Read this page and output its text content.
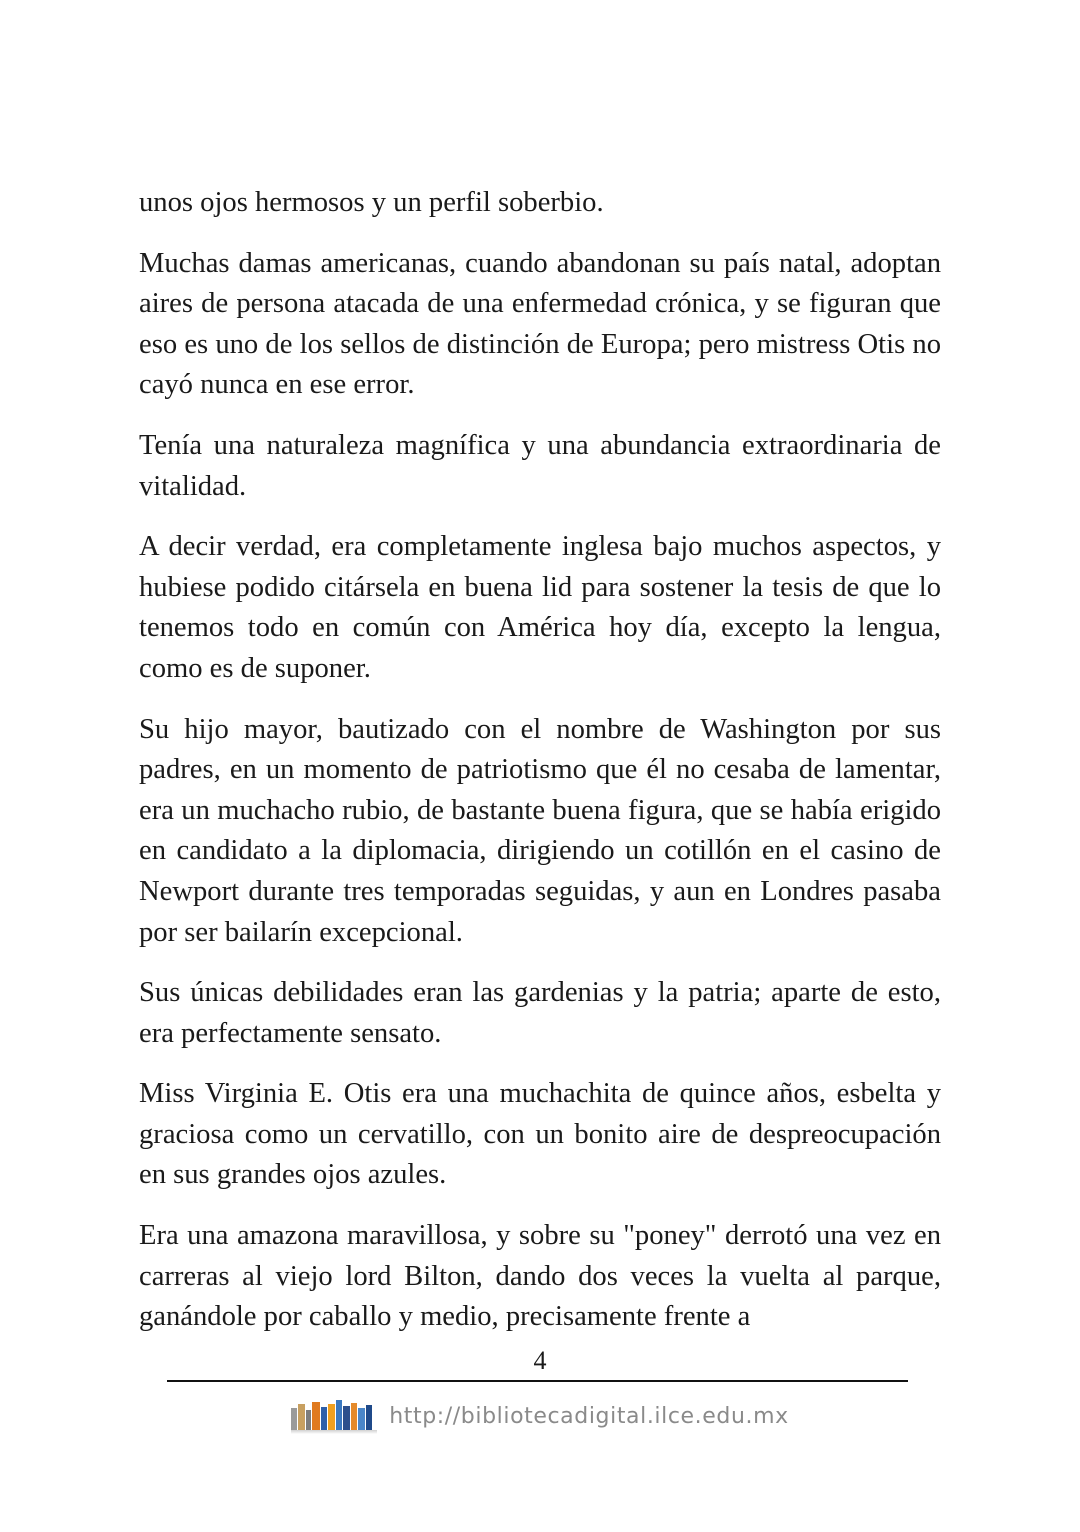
unos ojos hermosos y un perfil soberbio.

Muchas damas americanas, cuando abandonan su país natal, adoptan aires de persona atacada de una enfermedad crónica, y se figuran que eso es uno de los sellos de distinción de Europa; pero mistress Otis no cayó nunca en ese error.

Tenía una naturaleza magnífica y una abundancia extraordinaria de vitalidad.

A decir verdad, era completamente inglesa bajo muchos aspectos, y hubiese podido citársela en buena lid para sostener la tesis de que lo tenemos todo en común con América hoy día, excepto la lengua, como es de suponer.

Su hijo mayor, bautizado con el nombre de Washington por sus padres, en un momento de patriotismo que él no cesaba de lamentar, era un muchacho rubio, de bastante buena figura, que se había erigido en candidato a la diplomacia, dirigiendo un cotillón en el casino de Newport durante tres temporadas seguidas, y aun en Londres pasaba por ser bailarín excepcional.

Sus únicas debilidades eran las gardenias y la patria; aparte de esto, era perfectamente sensato.

Miss Virginia E. Otis era una muchachita de quince años, esbelta y graciosa como un cervatillo, con un bonito aire de despreocupación en sus grandes ojos azules.

Era una amazona maravillosa, y sobre su "poney" derrotó una vez en carreras al viejo lord Bilton, dando dos veces la vuelta al parque, ganándole por caballo y medio, precisamente frente a

4
http://bibliotecadigital.ilce.edu.mx
